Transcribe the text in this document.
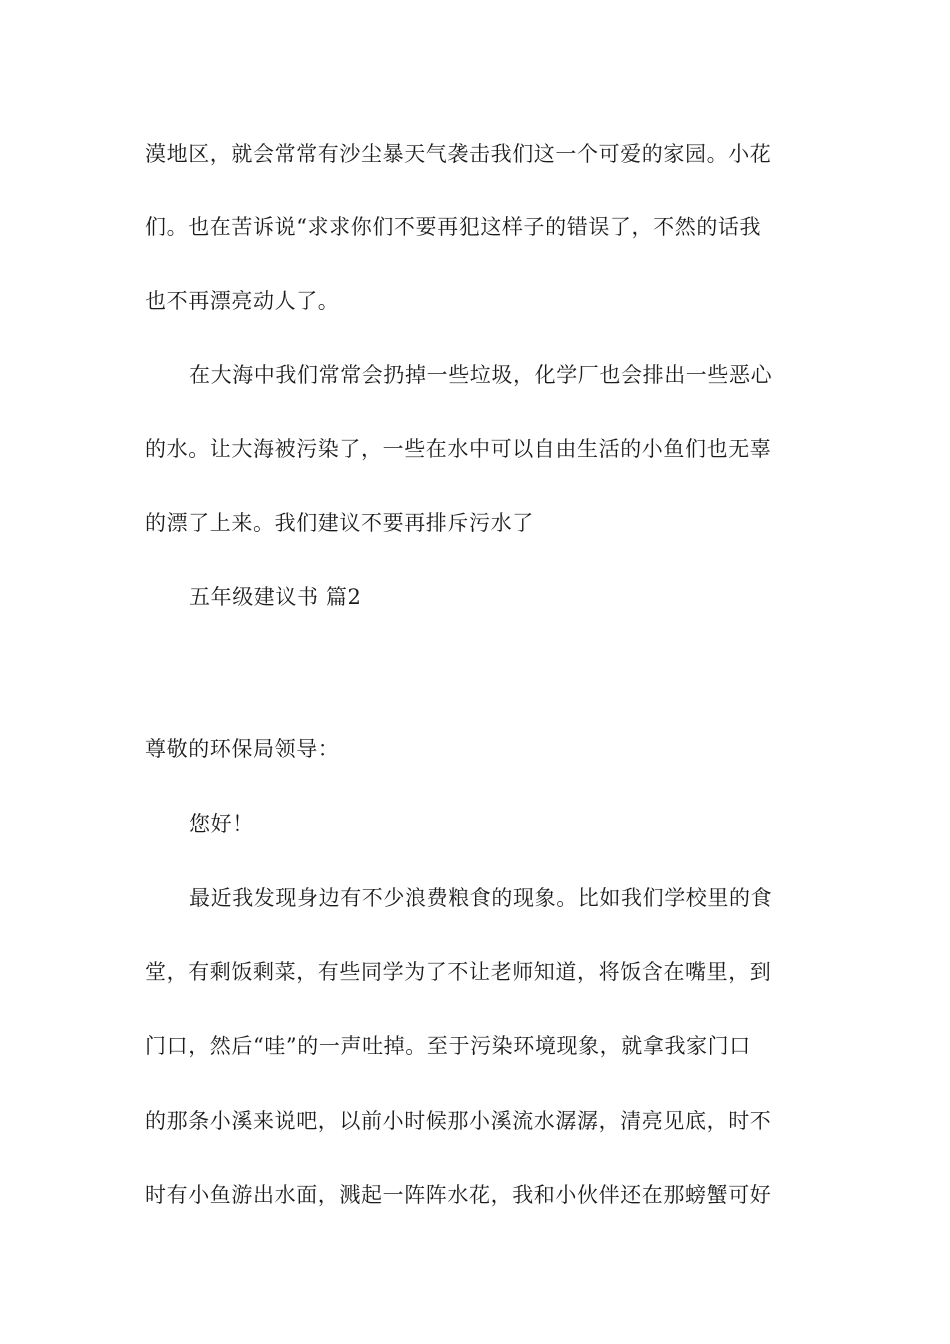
漠地区，就会常常有沙尘暴天气袭击我们这一个可爱的家园。小花
们。也在苦诉说“求求你们不要再犯这样子的错误了，不然的话我
也不再漂亮动人了。
在大海中我们常常会扔掉一些垃圾，化学厂也会排出一些恶心
的水。让大海被污染了，一些在水中可以自由生活的小鱼们也无辜
的漂了上来。我们建议不要再排斥污水了
五年级建议书 篇2
尊敬的环保局领导：
您好！
最近我发现身边有不少浪费粮食的现象。比如我们学校里的食
堂，有剩饭剩菜，有些同学为了不让老师知道，将饭含在嘴里，到
门口，然后“哇”的一声吐掉。至于污染环境现象，就拿我家门口
的那条小溪来说吧，以前小时候那小溪流水潺潺，清亮见底，时不
时有小鱼游出水面，溅起一阵阵水花，我和小伙伴还在那螃蟹可好
